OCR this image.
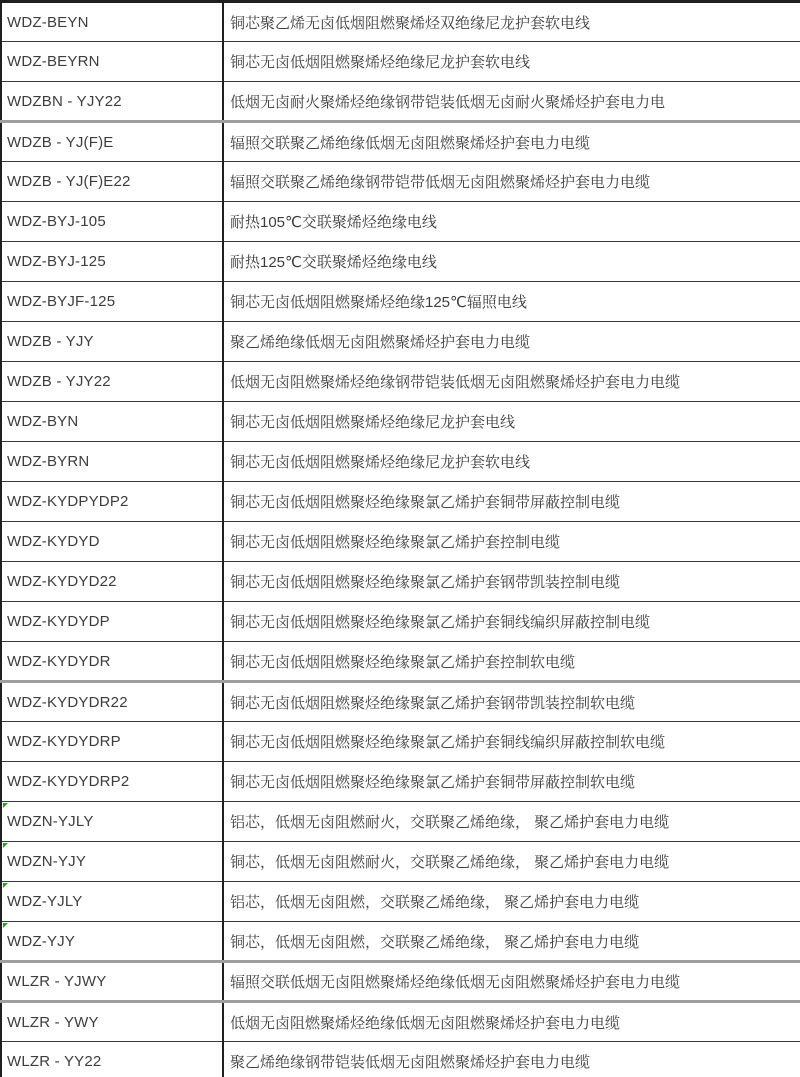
WDZ-BEYN	铜芯聚乙烯无卤低烟阻燃聚烯烃双绝缘尼龙护套软电线
WDZ-BEYRN	铜芯无卤低烟阻燃聚烯烃绝缘尼龙护套软电线
WDZBN - YJY22	低烟无卤耐火聚烯烃绝缘钢带铠装低烟无卤耐火聚烯烃护套电力电
WDZB - YJ(F)E	辐照交联聚乙烯绝缘低烟无卤阻燃聚烯烃护套电力电缆
WDZB - YJ(F)E22	辐照交联聚乙烯绝缘钢带铠带低烟无卤阻燃聚烯烃护套电力电缆
WDZ-BYJ-105	耐热105℃交联聚烯烃绝缘电线
WDZ-BYJ-125	耐热125℃交联聚烯烃绝缘电线
WDZ-BYJF-125	铜芯无卤低烟阻燃聚烯烃绝缘125℃辐照电线
WDZB - YJY	聚乙烯绝缘低烟无卤阻燃聚烯烃护套电力电缆
WDZB - YJY22	低烟无卤阻燃聚烯烃绝缘钢带铠装低烟无卤阻燃聚烯烃护套电力电缆
WDZ-BYN	铜芯无卤低烟阻燃聚烯烃绝缘尼龙护套电线
WDZ-BYRN	铜芯无卤低烟阻燃聚烯烃绝缘尼龙护套软电线
WDZ-KYDPYDP2	铜芯无卤低烟阻燃聚烃绝缘聚氯乙烯护套铜带屏蔽控制电缆
WDZ-KYDYD	铜芯无卤低烟阻燃聚烃绝缘聚氯乙烯护套控制电缆
WDZ-KYDYD22	铜芯无卤低烟阻燃聚烃绝缘聚氯乙烯护套钢带凯装控制电缆
WDZ-KYDYDP	铜芯无卤低烟阻燃聚烃绝缘聚氯乙烯护套铜线编织屏蔽控制电缆
WDZ-KYDYDR	铜芯无卤低烟阻燃聚烃绝缘聚氯乙烯护套控制软电缆
WDZ-KYDYDR22	铜芯无卤低烟阻燃聚烃绝缘聚氯乙烯护套钢带凯装控制软电缆
WDZ-KYDYDRP	铜芯无卤低烟阻燃聚烃绝缘聚氯乙烯护套铜线编织屏蔽控制软电缆
WDZ-KYDYDRP2	铜芯无卤低烟阻燃聚烃绝缘聚氯乙烯护套铜带屏蔽控制软电缆
WDZN-YJLY	铝芯，低烟无卤阻燃耐火，交联聚乙烯绝缘， 聚乙烯护套电力电缆
WDZN-YJY	铜芯，低烟无卤阻燃耐火，交联聚乙烯绝缘， 聚乙烯护套电力电缆
WDZ-YJLY	铝芯，低烟无卤阻燃，交联聚乙烯绝缘， 聚乙烯护套电力电缆
WDZ-YJY	铜芯，低烟无卤阻燃，交联聚乙烯绝缘， 聚乙烯护套电力电缆
WLZR - YJWY	辐照交联低烟无卤阻燃聚烯烃绝缘低烟无卤阻燃聚烯烃护套电力电缆
WLZR - YWY	低烟无卤阻燃聚烯烃绝缘低烟无卤阻燃聚烯烃护套电力电缆
WLZR - YY22	聚乙烯绝缘钢带铠装低烟无卤阻燃聚烯烃护套电力电缆
